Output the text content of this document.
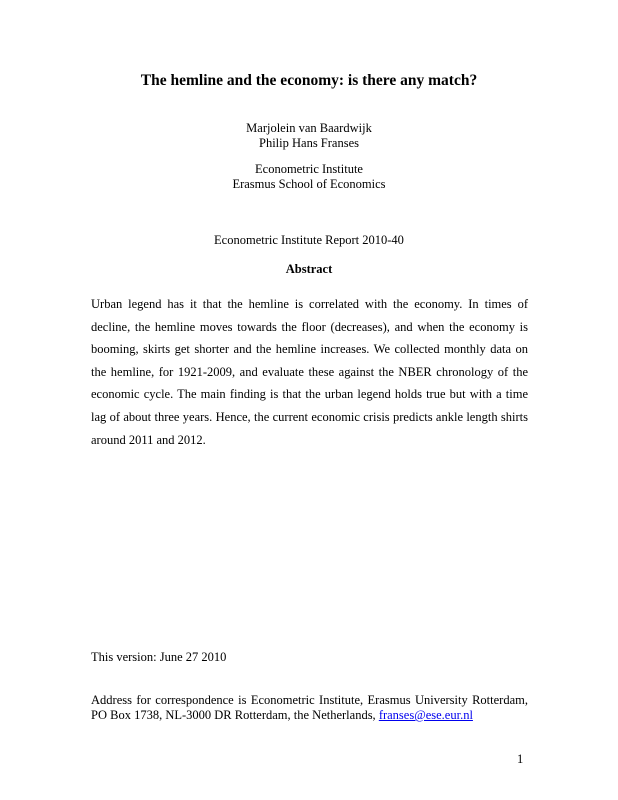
The hemline and the economy: is there any match?
Marjolein van Baardwijk
Philip Hans Franses
Econometric Institute
Erasmus School of Economics
Econometric Institute Report 2010-40
Abstract
Urban legend has it that the hemline is correlated with the economy. In times of decline, the hemline moves towards the floor (decreases), and when the economy is booming, skirts get shorter and the hemline increases. We collected monthly data on the hemline, for 1921-2009, and evaluate these against the NBER chronology of the economic cycle. The main finding is that the urban legend holds true but with a time lag of about three years. Hence, the current economic crisis predicts ankle length shirts around 2011 and 2012.
This version: June 27 2010
Address for correspondence is Econometric Institute, Erasmus University Rotterdam, PO Box 1738, NL-3000 DR Rotterdam, the Netherlands, franses@ese.eur.nl
1
